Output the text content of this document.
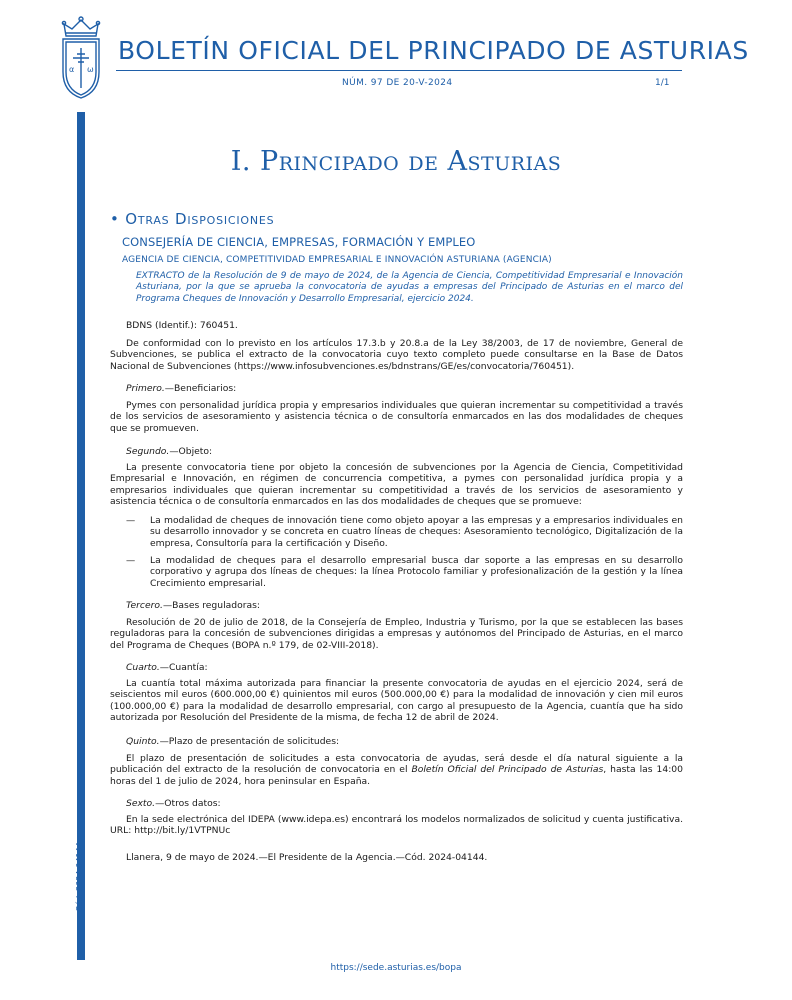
α ω
BOLETÍN OFICIAL DEL PRINCIPADO DE ASTURIAS
NÚM. 97 DE 20-V-2024	1/1
Cód. 2024-04144
I. Principado de Asturias
• Otras Disposiciones
CONSEJERÍA DE CIENCIA, EMPRESAS, FORMACIÓN Y EMPLEO
AGENCIA DE CIENCIA, COMPETITIVIDAD EMPRESARIAL E INNOVACIÓN ASTURIANA (AGENCIA)
EXTRACTO de la Resolución de 9 de mayo de 2024, de la Agencia de Ciencia, Competitividad Empresarial e Innovación Asturiana, por la que se aprueba la convocatoria de ayudas a empresas del Principado de Asturias en el marco del Programa Cheques de Innovación y Desarrollo Empresarial, ejercicio 2024.

BDNS (Identif.): 760451.

De conformidad con lo previsto en los artículos 17.3.b y 20.8.a de la Ley 38/2003, de 17 de noviembre, General de Subvenciones, se publica el extracto de la convocatoria cuyo texto completo puede consultarse en la Base de Datos Nacional de Subvenciones (https://www.infosubvenciones.es/bdnstrans/GE/es/convocatoria/760451).

Primero.—Beneficiarios:

Pymes con personalidad jurídica propia y empresarios individuales que quieran incrementar su competitividad a través de los servicios de asesoramiento y asistencia técnica o de consultoría enmarcados en las dos modalidades de cheques que se promueven.

Segundo.—Objeto:

La presente convocatoria tiene por objeto la concesión de subvenciones por la Agencia de Ciencia, Competitividad Empresarial e Innovación, en régimen de concurrencia competitiva, a pymes con personalidad jurídica propia y a empresarios individuales que quieran incrementar su competitividad a través de los servicios de asesoramiento y asistencia técnica o de consultoría enmarcados en las dos modalidades de cheques que se promueve:

— La modalidad de cheques de innovación tiene como objeto apoyar a las empresas y a empresarios individuales en su desarrollo innovador y se concreta en cuatro líneas de cheques: Asesoramiento tecnológico, Digitalización de la empresa, Consultoría para la certificación y Diseño.
— La modalidad de cheques para el desarrollo empresarial busca dar soporte a las empresas en su desarrollo corporativo y agrupa dos líneas de cheques: la línea Protocolo familiar y profesionalización de la gestión y la línea Crecimiento empresarial.
Tercero.—Bases reguladoras:

Resolución de 20 de julio de 2018, de la Consejería de Empleo, Industria y Turismo, por la que se establecen las bases reguladoras para la concesión de subvenciones dirigidas a empresas y autónomos del Principado de Asturias, en el marco del Programa de Cheques (BOPA n.º 179, de 02-VIII-2018).

Cuarto.—Cuantía:

La cuantía total máxima autorizada para financiar la presente convocatoria de ayudas en el ejercicio 2024, será de seiscientos mil euros (600.000,00 €) quinientos mil euros (500.000,00 €) para la modalidad de innovación y cien mil euros (100.000,00 €) para la modalidad de desarrollo empresarial, con cargo al presupuesto de la Agencia, cuantía que ha sido autorizada por Resolución del Presidente de la misma, de fecha 12 de abril de 2024.

Quinto.—Plazo de presentación de solicitudes:

El plazo de presentación de solicitudes a esta convocatoria de ayudas, será desde el día natural siguiente a la publicación del extracto de la resolución de convocatoria en el Boletín Oficial del Principado de Asturias, hasta las 14:00 horas del 1 de julio de 2024, hora peninsular en España.

Sexto.—Otros datos:

En la sede electrónica del IDEPA (www.idepa.es) encontrará los modelos normalizados de solicitud y cuenta justificativa. URL: http://bit.ly/1VTPNUc

Llanera, 9 de mayo de 2024.—El Presidente de la Agencia.—Cód. 2024-04144.

https://sede.asturias.es/bopa
